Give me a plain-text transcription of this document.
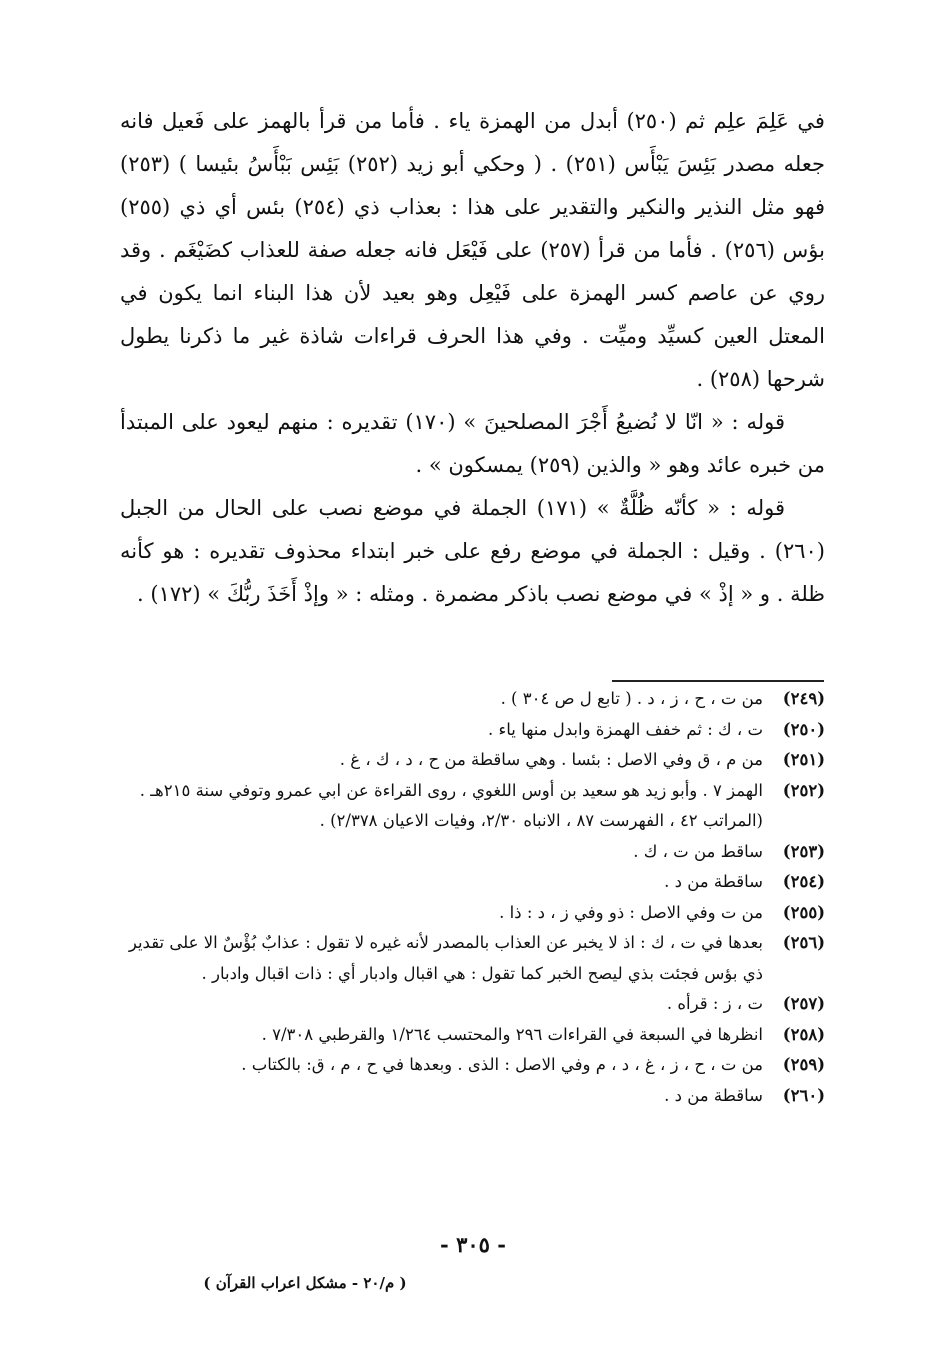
في عَلِمَ علِم ثم (٢٥٠) أبدل من الهمزة ياء . فأما من قرأ بالهمز على فَعيل فانه جعله مصدر بَئِسَ يَبْأَس (٢٥١) . ( وحكي أبو زيد (٢٥٢) بَئِس بَبْأَسُ بئيسا ) (٢٥٣) فهو مثل النذير والنكير والتقدير على هذا : بعذاب ذي (٢٥٤) بئس أي ذي (٢٥٥) بؤس (٢٥٦) . فأما من قرأ (٢٥٧) على فَيْعَل فانه جعله صفة للعذاب كضَيْغَم . وقد روي عن عاصم كسر الهمزة على فَيْعِل وهو بعيد لأن هذا البناء انما يكون في المعتل العين كسيِّد وميِّت . وفي هذا الحرف قراءات شاذة غير ما ذكرنا يطول شرحها (٢٥٨) .

قوله : « انّا لا نُضيعُ أَجْرَ المصلحينَ » (١٧٠) تقديره : منهم ليعود على المبتدأ من خبره عائد وهو « والذين (٢٥٩) يمسكون » .

قوله : « كأنّه ظُلَّةٌ » (١٧١) الجملة في موضع نصب على الحال من الجبل (٢٦٠) . وقيل : الجملة في موضع رفع على خبر ابتداء محذوف تقديره : هو كأنه ظلة . و « إذْ » في موضع نصب باذكر مضمرة . ومثله : « وإذْ أَخَذَ ربُّكَ » (١٧٢) .

(٢٤٩)
من ت ، ح ، ز ، د . ( تابع ل ص ٣٠٤ ) .
(٢٥٠)
ت ، ك : ثم خفف الهمزة وابدل منها ياء .
(٢٥١)
من م ، ق وفي الاصل : بئسا . وهي ساقطة من ح ، د ، ك ، غ .
(٢٥٢)
الهمز ٧ . وأبو زيد هو سعيد بن أوس اللغوي ، روى القراءة عن ابي عمرو وتوفي سنة ٢١٥هـ . (المراتب ٤٢ ، الفهرست ٨٧ ، الانباه ٢/٣٠، وفيات الاعيان ٢/٣٧٨) .
(٢٥٣)
ساقط من ت ، ك .
(٢٥٤)
ساقطة من د .
(٢٥٥)
من ت وفي الاصل : ذو وفي ز ، د : ذا .
(٢٥٦)
بعدها في ت ، ك : اذ لا يخبر عن العذاب بالمصدر لأنه غيره لا تقول : عذابٌ بُؤْسٌ الا على تقدير ذي بؤس فجئت بذي ليصح الخبر كما تقول : هي اقبال وادبار أي : ذات اقبال وادبار .
(٢٥٧)
ت ، ز : قرأه .
(٢٥٨)
انظرها في السبعة في القراءات ٢٩٦ والمحتسب ١/٢٦٤ والقرطبي ٧/٣٠٨ .
(٢٥٩)
من ت ، ح ، ز ، غ ، د ، م وفي الاصل : الذى . وبعدها في ح ، م ، ق: بالكتاب .
(٢٦٠)
ساقطة من د .
- ٣٠٥ -
( م/٢٠ - مشكل اعراب القرآن )
